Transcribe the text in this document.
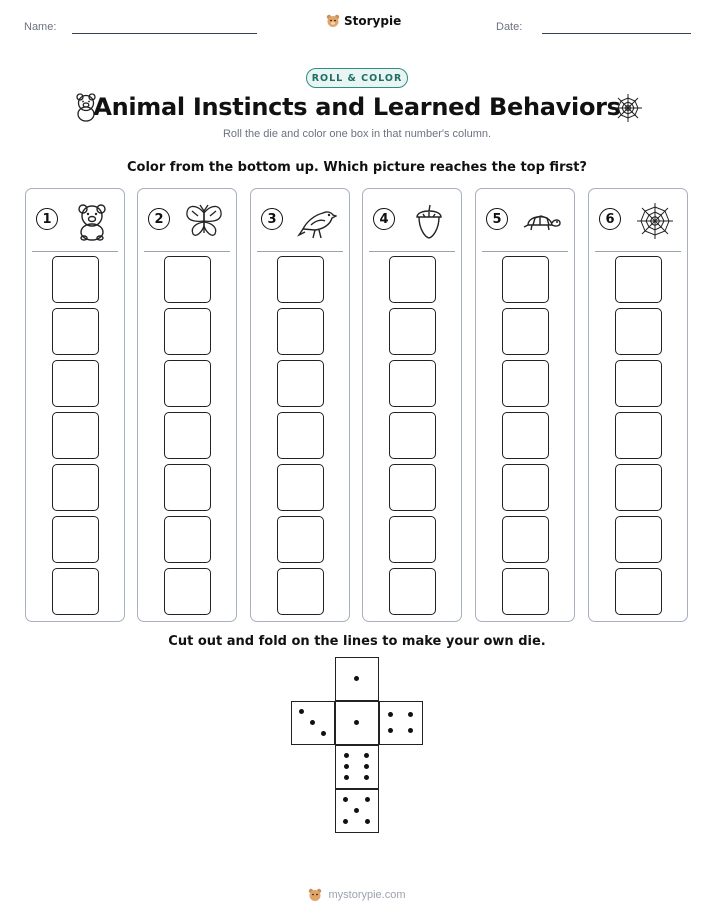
Name:	Storypie	Date:
ROLL & COLOR
Animal Instincts and Learned Behaviors
Roll the die and color one box in that number's column.
Color from the bottom up. Which picture reaches the top first?
1	2	3	4	5	6
Cut out and fold on the lines to make your own die.
mystorypie.com
